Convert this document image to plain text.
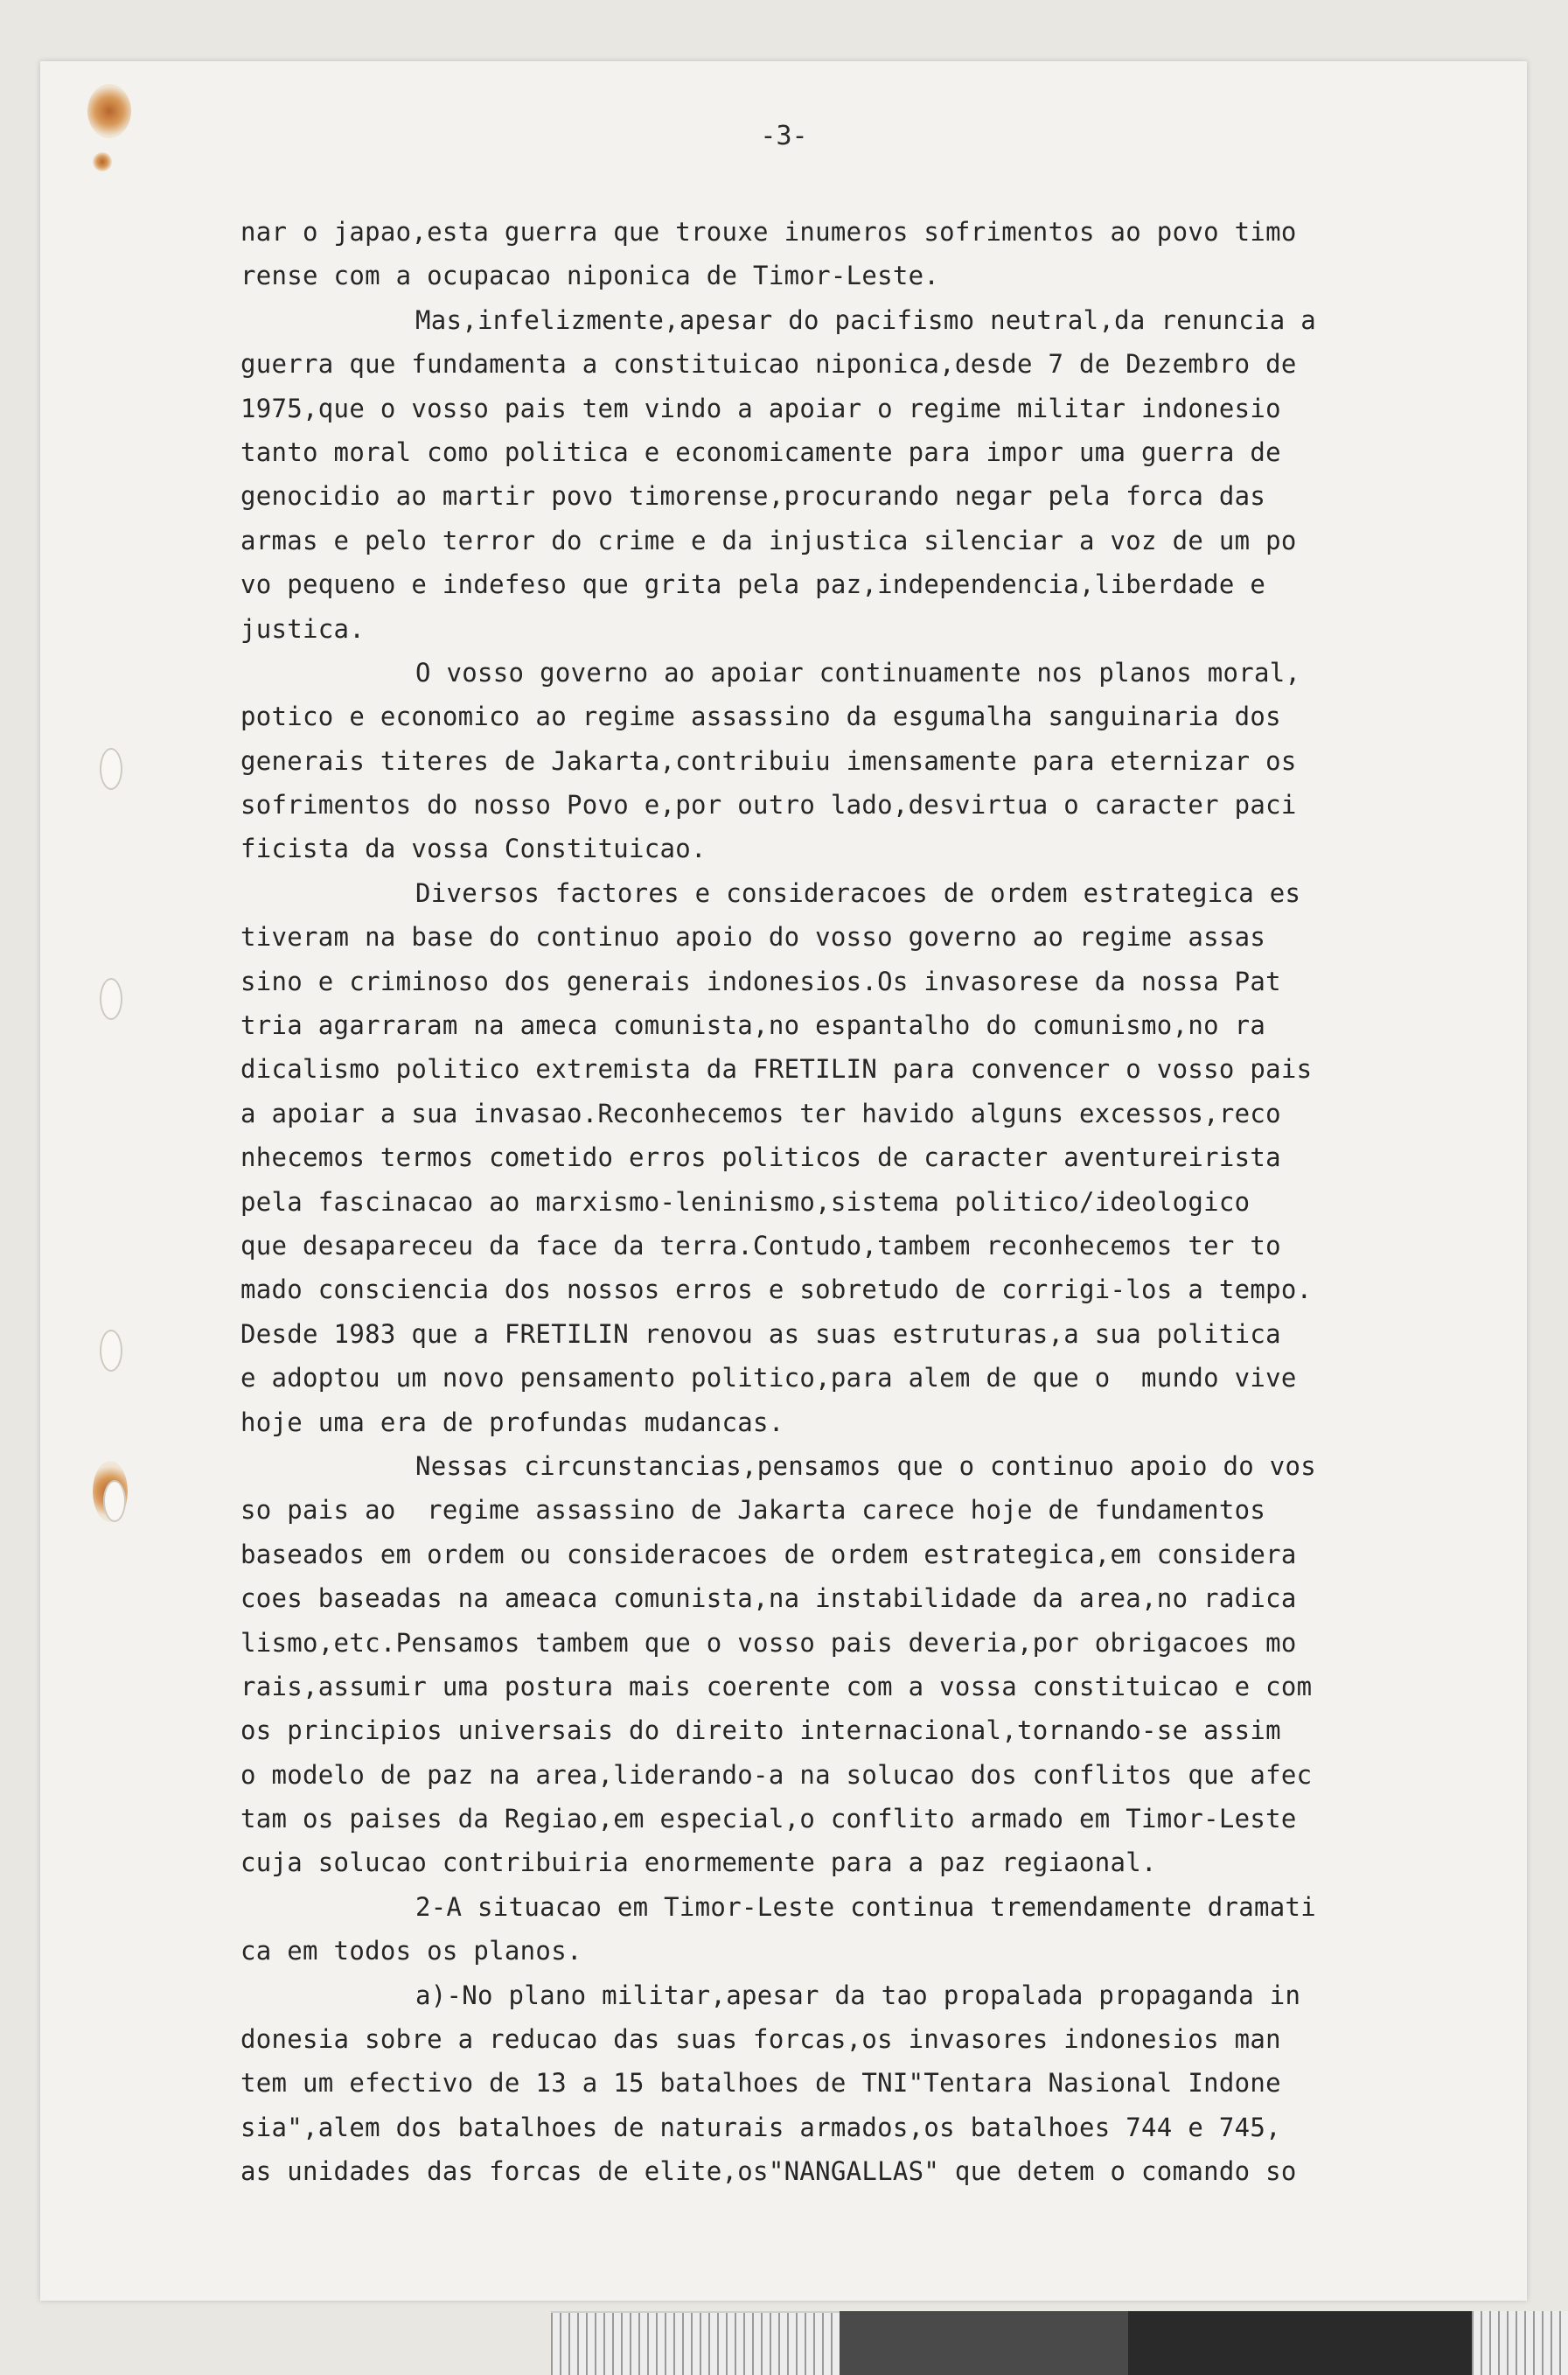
-3-
nar o japao,esta guerra que trouxe inumeros sofrimentos ao povo timo
rense com a ocupacao niponica de Timor-Leste.
Mas,infelizmente,apesar do pacifismo neutral,da renuncia a
guerra que fundamenta a constituicao niponica,desde 7 de Dezembro de
1975,que o vosso pais tem vindo a apoiar o regime militar indonesio
tanto moral como politica e economicamente para impor uma guerra de
genocidio ao martir povo timorense,procurando negar pela forca das
armas e pelo terror do crime e da injustica silenciar a voz de um po
vo pequeno e indefeso que grita pela paz,independencia,liberdade e
justica.
O vosso governo ao apoiar continuamente nos planos moral,
potico e economico ao regime assassino da esgumalha sanguinaria dos
generais titeres de Jakarta,contribuiu imensamente para eternizar os
sofrimentos do nosso Povo e,por outro lado,desvirtua o caracter paci
ficista da vossa Constituicao.
Diversos factores e consideracoes de ordem estrategica es
tiveram na base do continuo apoio do vosso governo ao regime assas
sino e criminoso dos generais indonesios.Os invasorese da nossa Pat
tria agarraram na ameca comunista,no espantalho do comunismo,no ra
dicalismo politico extremista da FRETILIN para convencer o vosso pais
a apoiar a sua invasao.Reconhecemos ter havido alguns excessos,reco
nhecemos termos cometido erros politicos de caracter aventureirista
pela fascinacao ao marxismo-leninismo,sistema politico/ideologico
que desapareceu da face da terra.Contudo,tambem reconhecemos ter to
mado consciencia dos nossos erros e sobretudo de corrigi-los a tempo.
Desde 1983 que a FRETILIN renovou as suas estruturas,a sua politica
e adoptou um novo pensamento politico,para alem de que o  mundo vive
hoje uma era de profundas mudancas.
Nessas circunstancias,pensamos que o continuo apoio do vos
so pais ao  regime assassino de Jakarta carece hoje de fundamentos
baseados em ordem ou consideracoes de ordem estrategica,em considera
coes baseadas na ameaca comunista,na instabilidade da area,no radica
lismo,etc.Pensamos tambem que o vosso pais deveria,por obrigacoes mo
rais,assumir uma postura mais coerente com a vossa constituicao e com
os principios universais do direito internacional,tornando-se assim
o modelo de paz na area,liderando-a na solucao dos conflitos que afec
tam os paises da Regiao,em especial,o conflito armado em Timor-Leste
cuja solucao contribuiria enormemente para a paz regiaonal.
2-A situacao em Timor-Leste continua tremendamente dramati
ca em todos os planos.
a)-No plano militar,apesar da tao propalada propaganda in
donesia sobre a reducao das suas forcas,os invasores indonesios man
tem um efectivo de 13 a 15 batalhoes de TNI"Tentara Nasional Indone
sia",alem dos batalhoes de naturais armados,os batalhoes 744 e 745,
as unidades das forcas de elite,os"NANGALLAS" que detem o comando so
